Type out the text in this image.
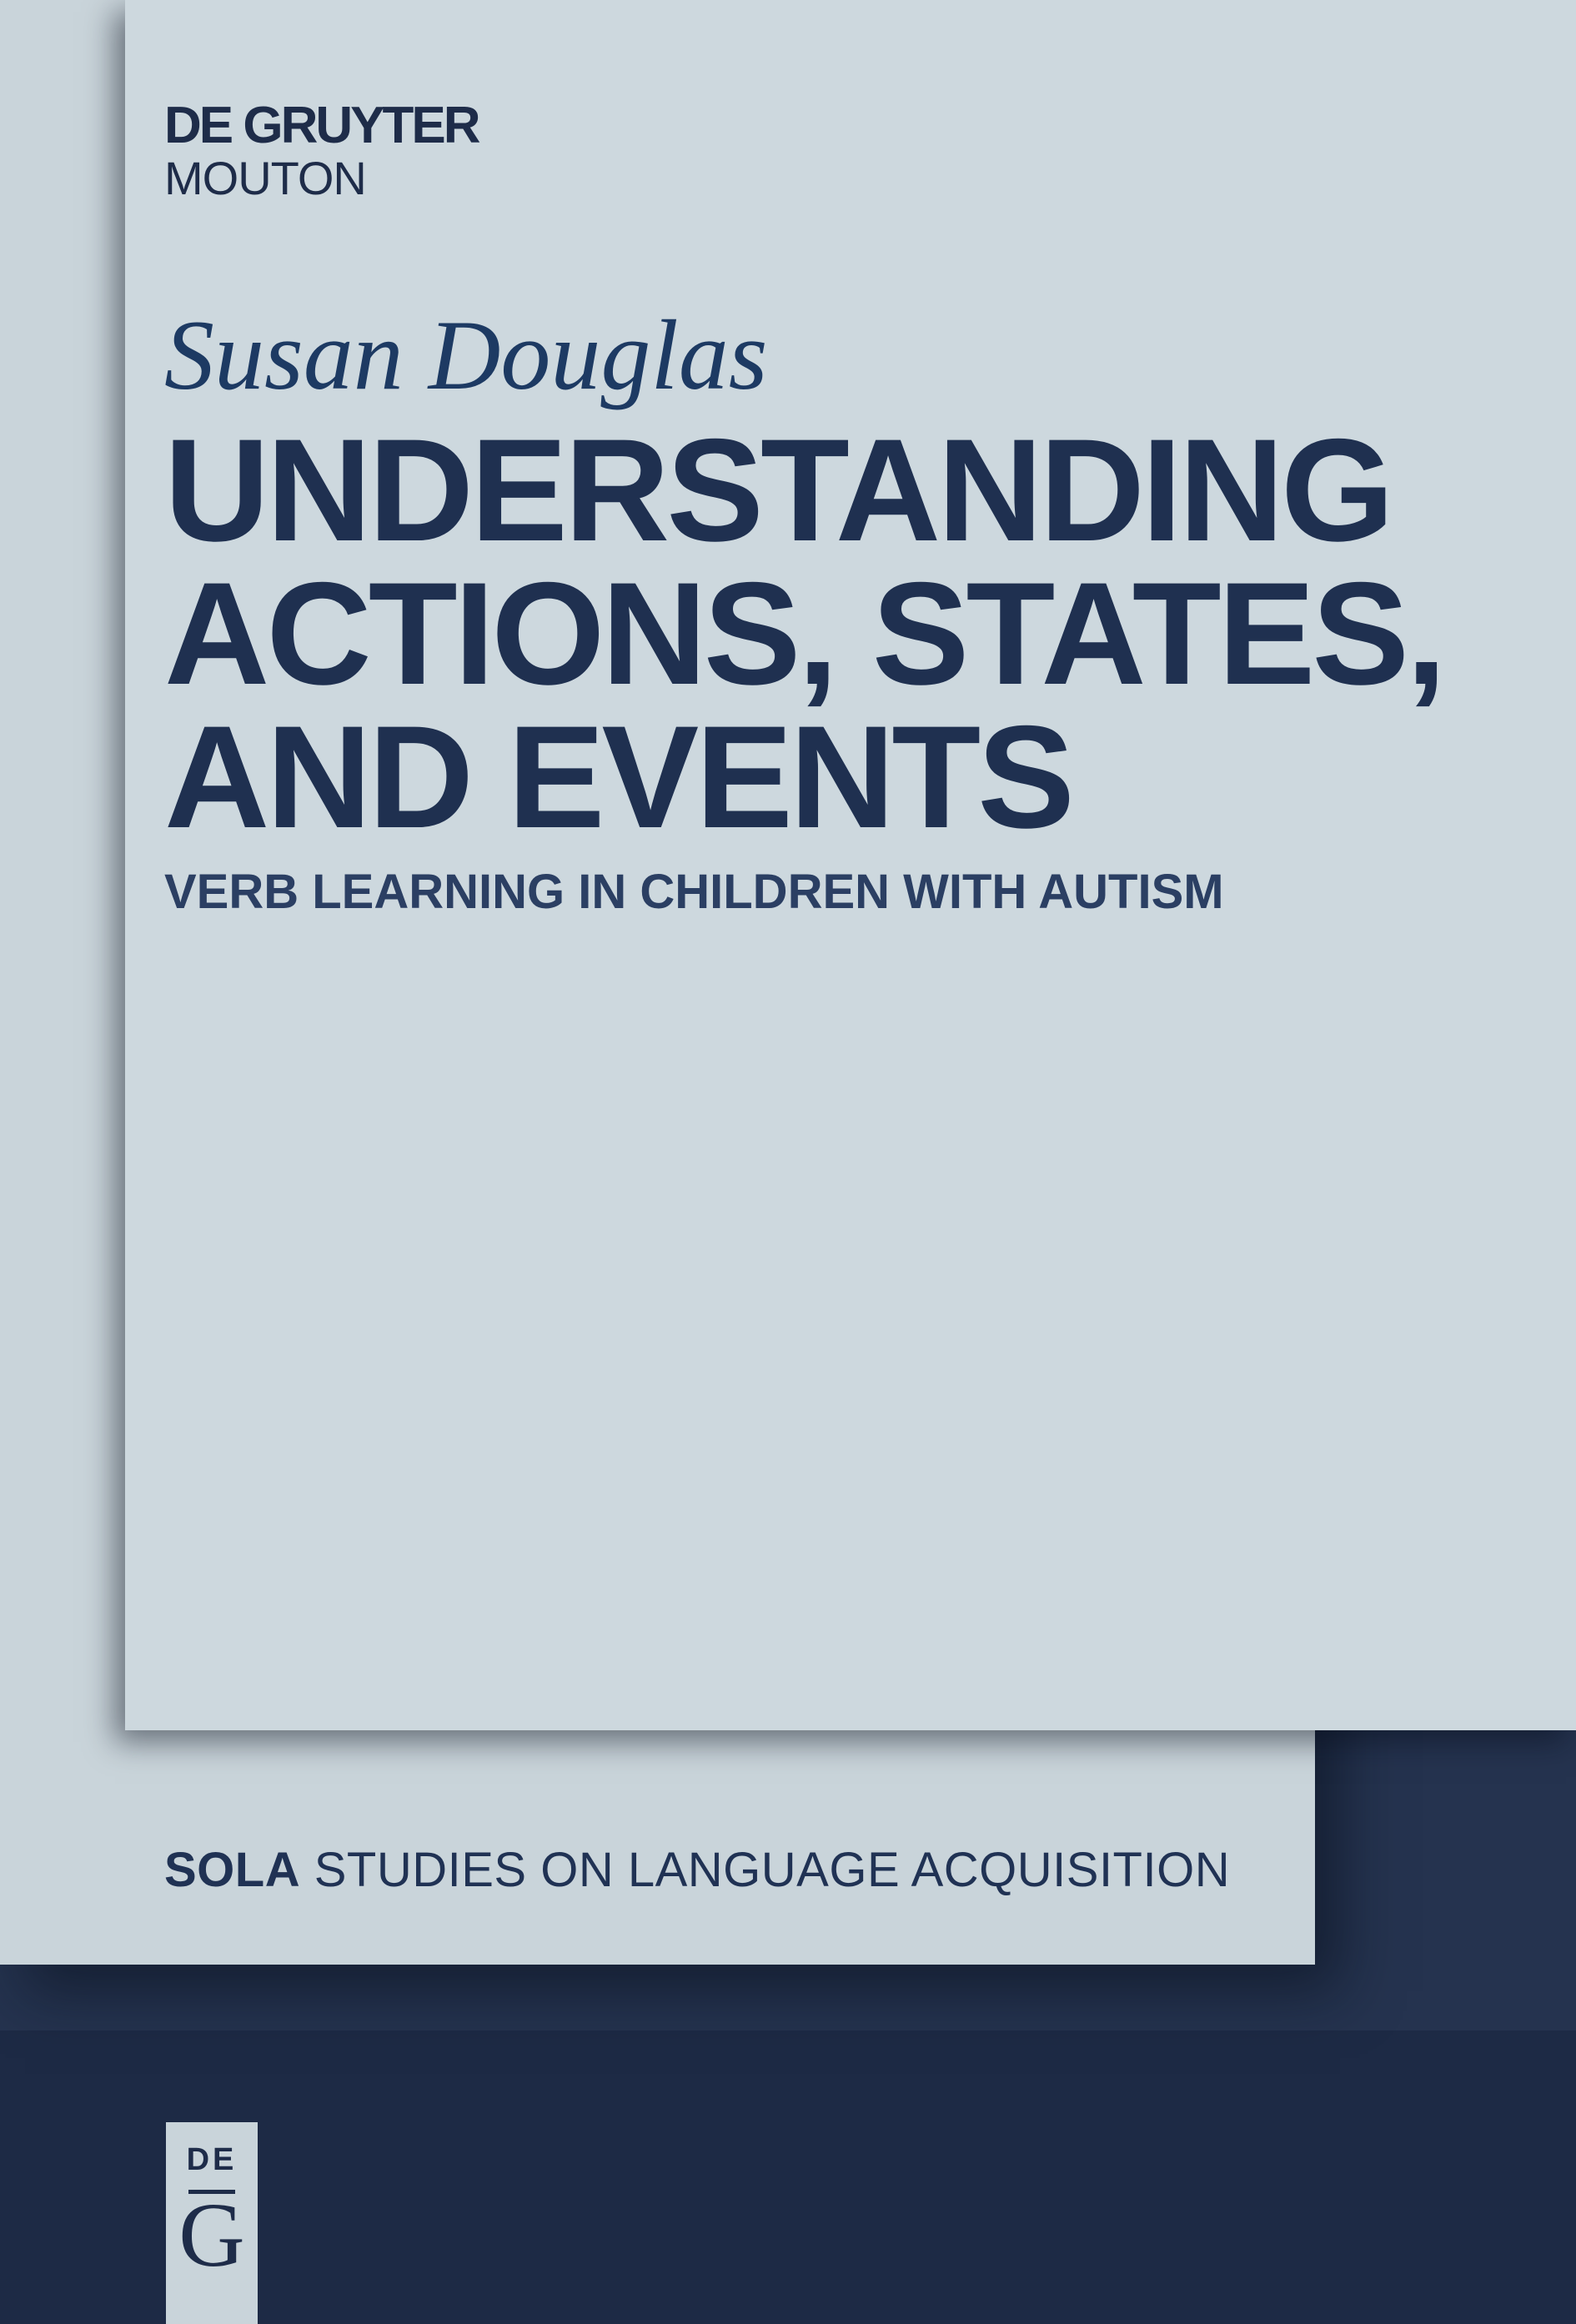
SOLA STUDIES ON LANGUAGE ACQUISITION
DE GRUYTER
MOUTON
Susan Douglas
UNDERSTANDING
ACTIONS, STATES,
AND EVENTS
VERB LEARNING IN CHILDREN WITH AUTISM
DE
G
